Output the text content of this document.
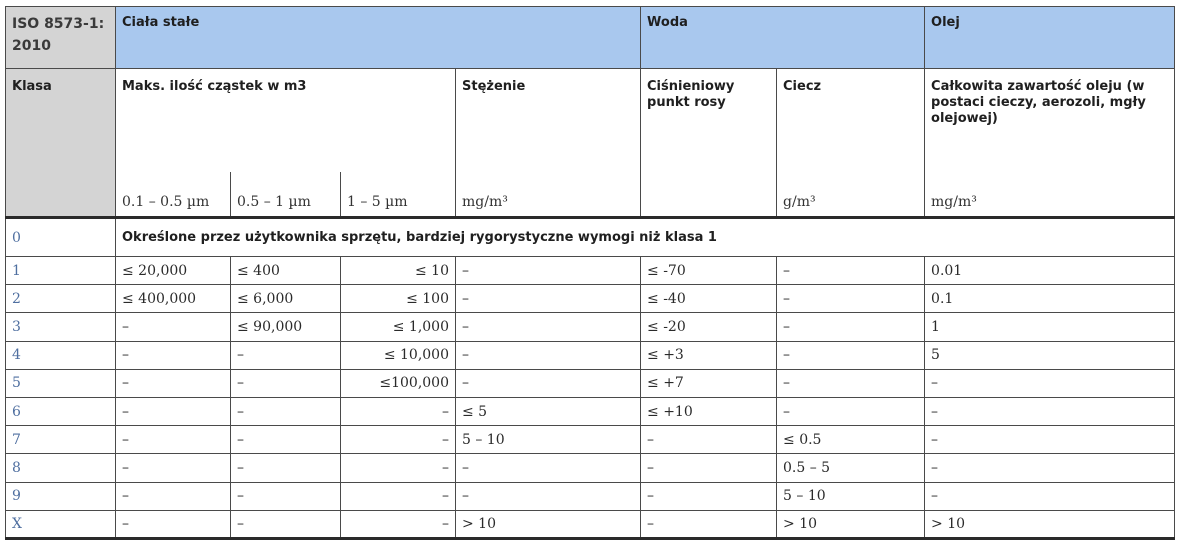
ISO 8573-1: 2010	Ciała stałe				Woda		Olej
Klasa	Maks. ilość cząstek w m3			Stężenie	Ciśnieniowy punkt rosy	Ciecz	Całkowita zawartość oleju (w postaci cieczy, aerozoli, mgły olejowej)
	0.1 – 0.5 µm	0.5 – 1 µm	1 – 5 µm	mg/m³		g/m³	mg/m³
0	Określone przez użytkownika sprzętu, bardziej rygorystyczne wymogi niż klasa 1						
1	≤ 20,000	≤ 400	≤ 10	–	≤ -70	–	0.01
2	≤ 400,000	≤ 6,000	≤ 100	–	≤ -40	–	0.1
3	–	≤ 90,000	≤ 1,000	–	≤ -20	–	1
4	–	–	≤ 10,000	–	≤ +3	–	5
5	–	–	≤100,000	–	≤ +7	–	–
6	–	–	–	≤ 5	≤ +10	–	–
7	–	–	–	5 – 10	–	≤ 0.5	–
8	–	–	–	–	–	0.5 – 5	–
9	–	–	–	–	–	5 – 10	–
X	–	–	–	> 10	–	> 10	> 10
